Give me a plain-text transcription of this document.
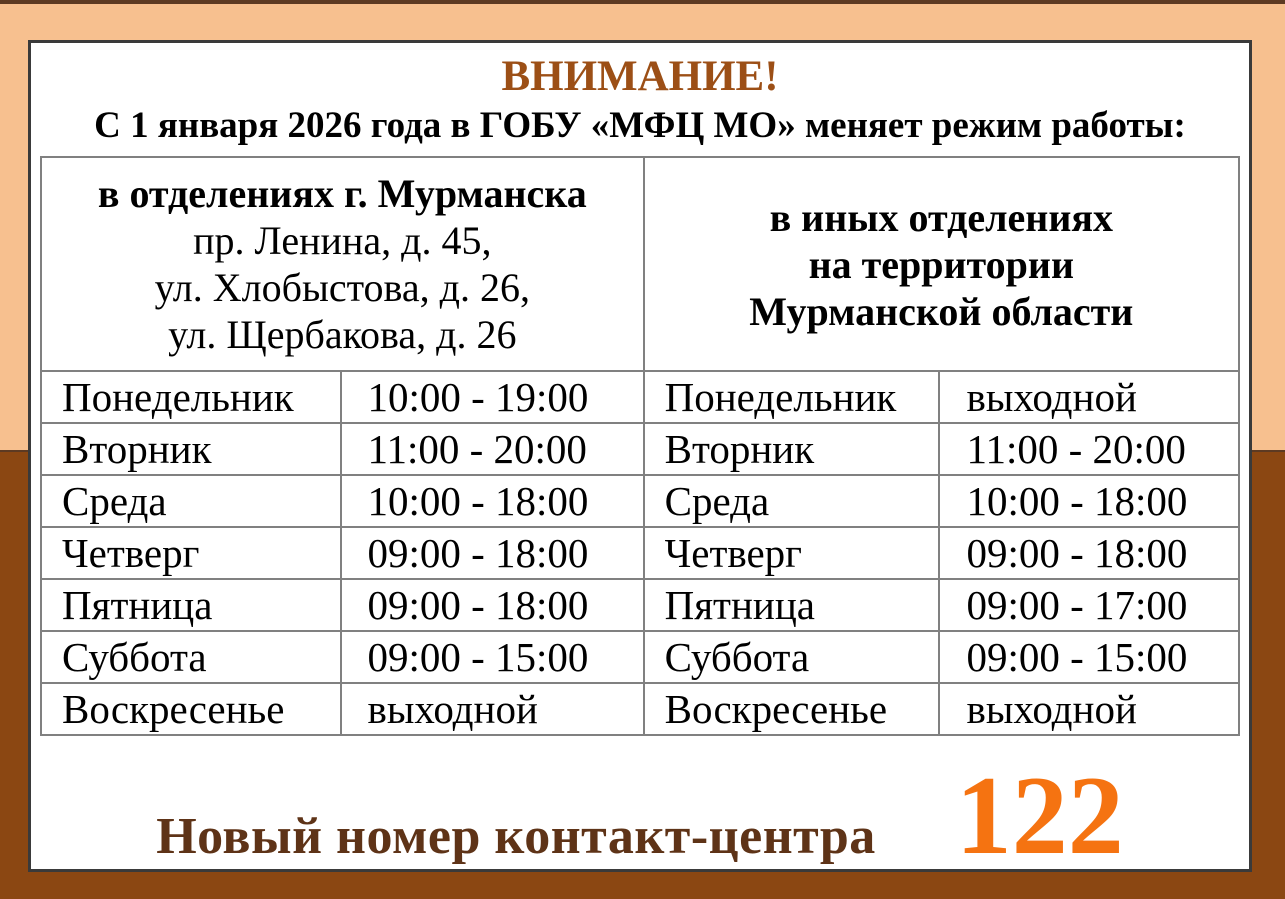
ВНИМАНИЕ!
С 1 января 2026 года в ГОБУ «МФЦ МО» меняет режим работы:
в отделениях г. Мурманска
пр. Ленина, д. 45,
ул. Хлобыстова, д. 26,
ул. Щербакова, д. 26

в иных отделениях
на территории
Мурманской области

Понедельник	10:00 - 19:00	Понедельник	выходной
Вторник	11:00 - 20:00	Вторник	11:00 - 20:00
Среда	10:00 - 18:00	Среда	10:00 - 18:00
Четверг	09:00 - 18:00	Четверг	09:00 - 18:00
Пятница	09:00 - 18:00	Пятница	09:00 - 17:00
Суббота	09:00 - 15:00	Суббота	09:00 - 15:00
Воскресенье	выходной	Воскресенье	выходной
Новый номер контакт-центра 122
